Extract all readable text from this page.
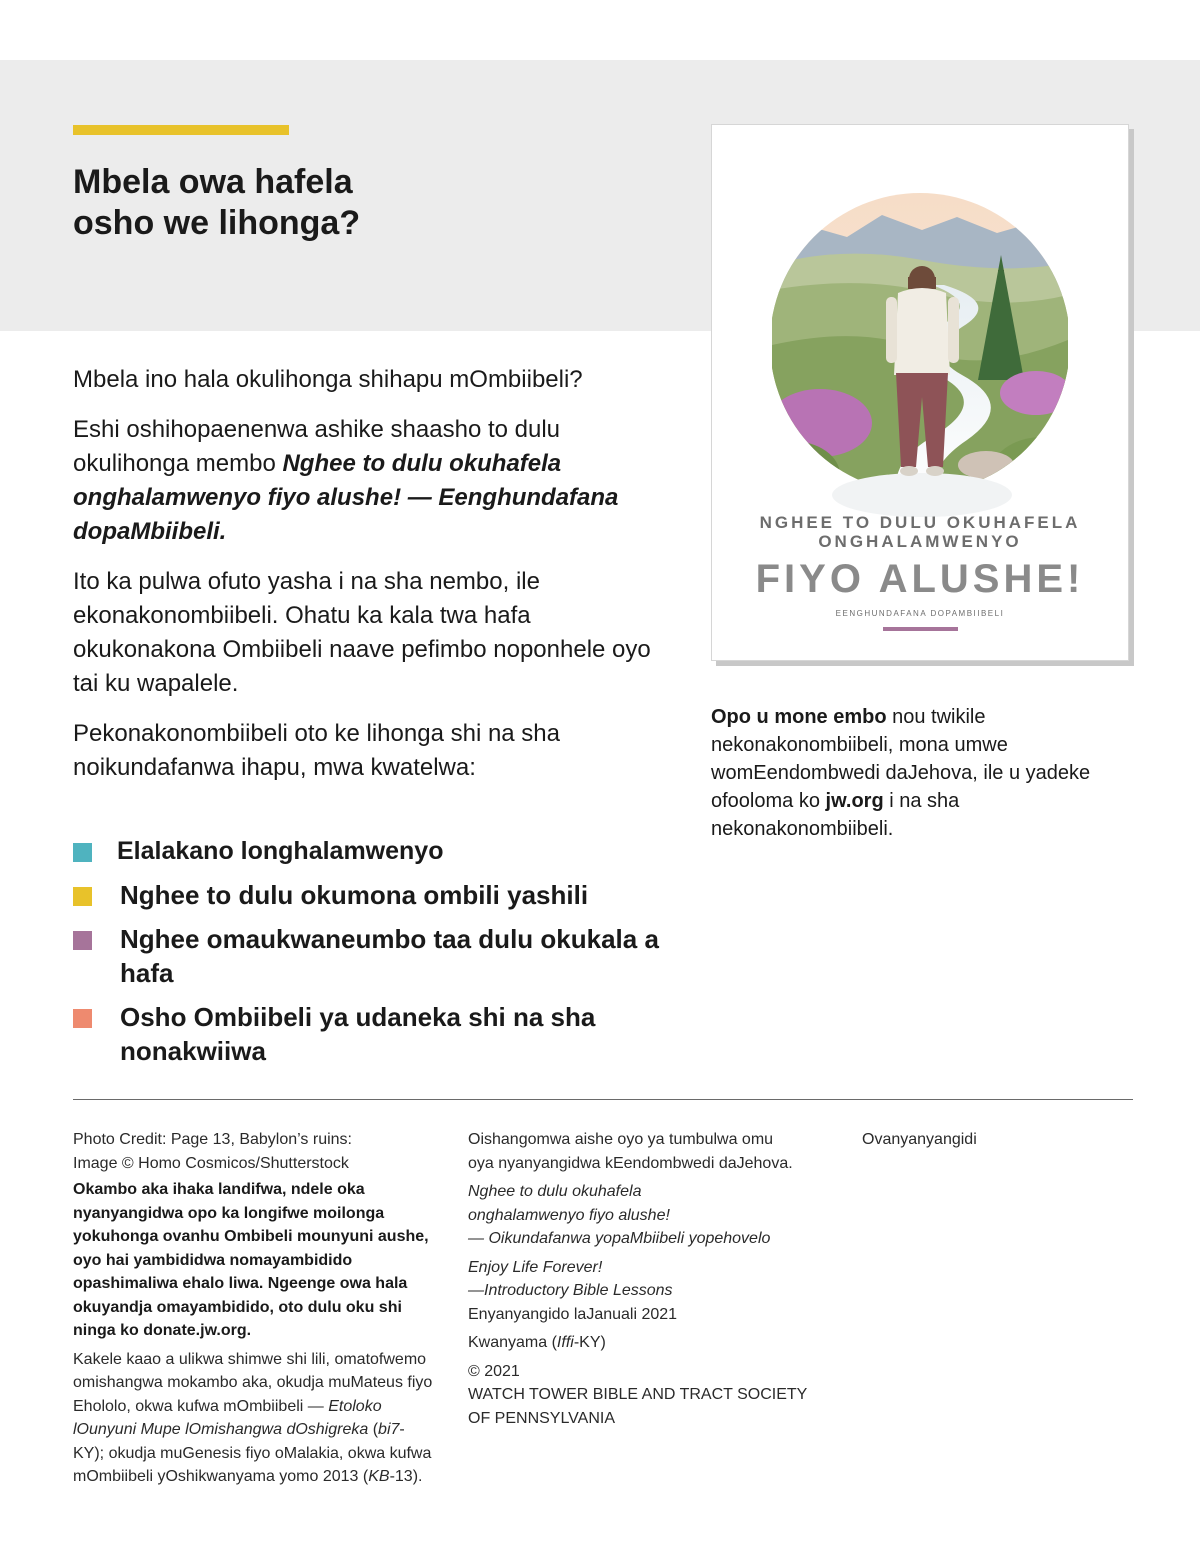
Mbela owa hafela
osho we lihonga?

Mbela ino hala okulihonga shihapu mOmbiibeli?

Eshi oshihopaenenwa ashike shaasho to dulu okulihonga membo Nghee to dulu okuhafela onghalamwenyo fiyo alushe! — Eenghundafana dopaMbiibeli.

Ito ka pulwa ofuto yasha i na sha nembo, ile ekonakonombiibeli. Ohatu ka kala twa hafa okukonakona Ombiibeli naave pefimbo noponhele oyo tai ku wapalele.

Pekonakonombiibeli oto ke lihonga shi na sha noikundafanwa ihapu, mwa kwatelwa:

Elalakano longhalamwenyo
Nghee to dulu okumona ombili yashili
Nghee omaukwaneumbo taa dulu okukala a hafa
Osho Ombiibeli ya udaneka shi na sha nonakwiiwa
NGHEE TO DULU OKUHAFELA
ONGHALAMWENYO
FIYO ALUSHE!
EENGHUNDAFANA DOPAMBIIBELI
Opo u mone embo nou twikile nekonakonombiibeli, mona umwe womEendombwedi daJehova, ile u yadeke ofooloma ko jw.org i na sha nekonakonombiibeli.
Photo Credit: Page 13, Babylon’s ruins:
Image © Homo Cosmicos/Shutterstock

Okambo aka ihaka landifwa, ndele oka nyanyangidwa opo ka longifwe moilonga yokuhonga ovanhu Ombibeli mounyuni aushe, oyo hai yambididwa nomayambidido opashimaliwa ehalo liwa. Ngeenge owa hala okuyandja omayambidido, oto dulu oku shi ninga ko donate.jw.org.

Kakele kaao a ulikwa shimwe shi lili, omatofwemo omishangwa mokambo aka, okudja muMateus fiyo Ehololo, okwa kufwa mOmbiibeli — Etoloko lOunyuni Mupe lOmishangwa dOshigreka (bi7-KY); okudja muGenesis fiyo oMalakia, okwa kufwa mOmbiibeli yOshikwanyama yomo 2013 (KB-13).

Oishangomwa aishe oyo ya tumbulwa omu
oya nyanyangidwa kEendombwedi daJehova.

Nghee to dulu okuhafela
onghalamwenyo fiyo alushe!
— Oikundafanwa yopaMbiibeli yopehovelo

Enjoy Life Forever!
—Introductory Bible Lessons
Enyanyangido laJanuali 2021

Kwanyama (Iffi-KY)

© 2021
WATCH TOWER BIBLE AND TRACT SOCIETY
OF PENNSYLVANIA

Ovanyanyangidi
